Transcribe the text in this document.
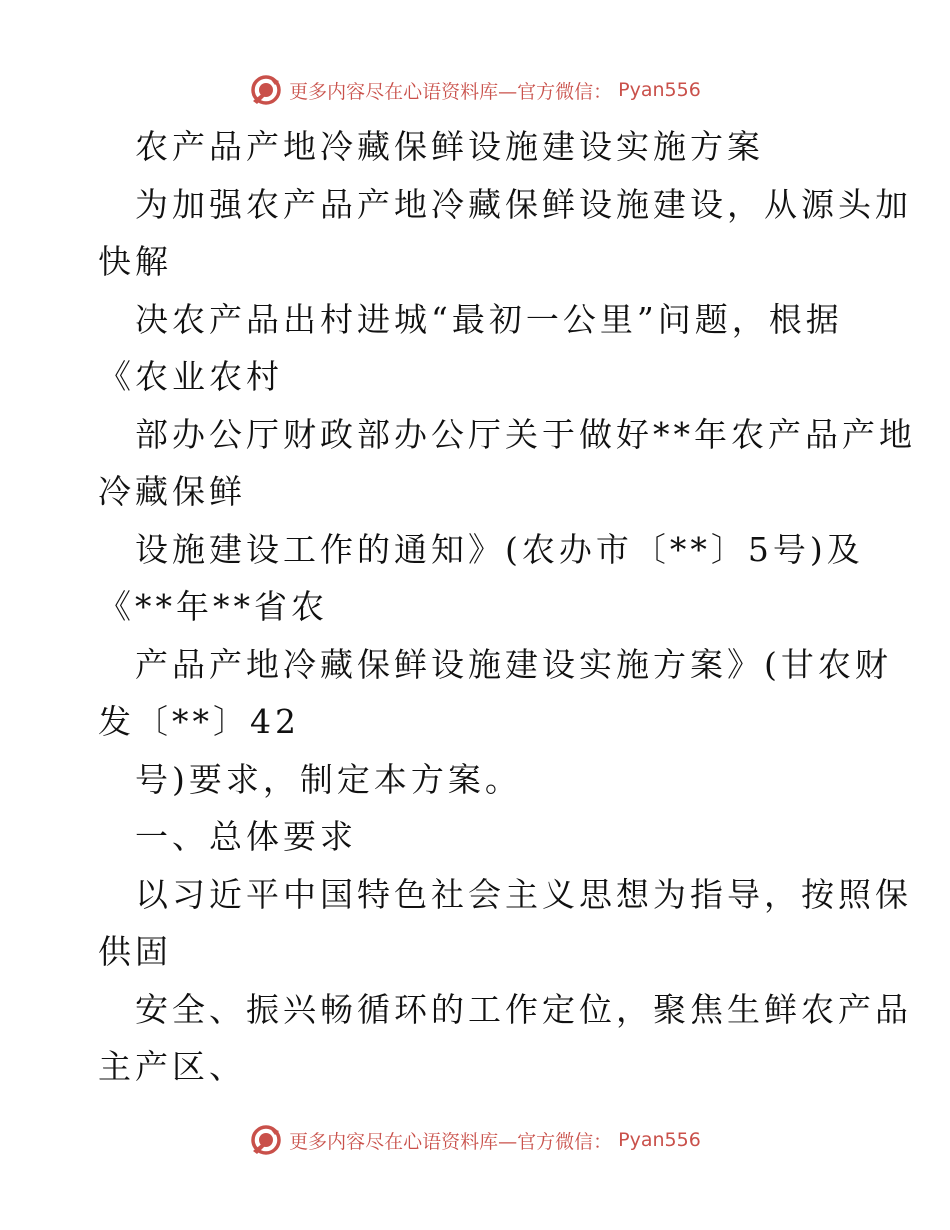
更多内容尽在心语资料库—官方微信： Pyan556
农产品产地冷藏保鲜设施建设实施方案
为加强农产品产地冷藏保鲜设施建设，从源头加
快解
决农产品出村进城“最初一公里”问题，根据
《农业农村
部办公厅财政部办公厅关于做好**年农产品产地
冷藏保鲜
设施建设工作的通知》(农办市〔**〕5号)及
《**年**省农
产品产地冷藏保鲜设施建设实施方案》(甘农财
发〔**〕42
号)要求，制定本方案。
一、总体要求
以习近平中国特色社会主义思想为指导，按照保
供固
安全、振兴畅循环的工作定位，聚焦生鲜农产品
主产区、
更多内容尽在心语资料库—官方微信： Pyan556
